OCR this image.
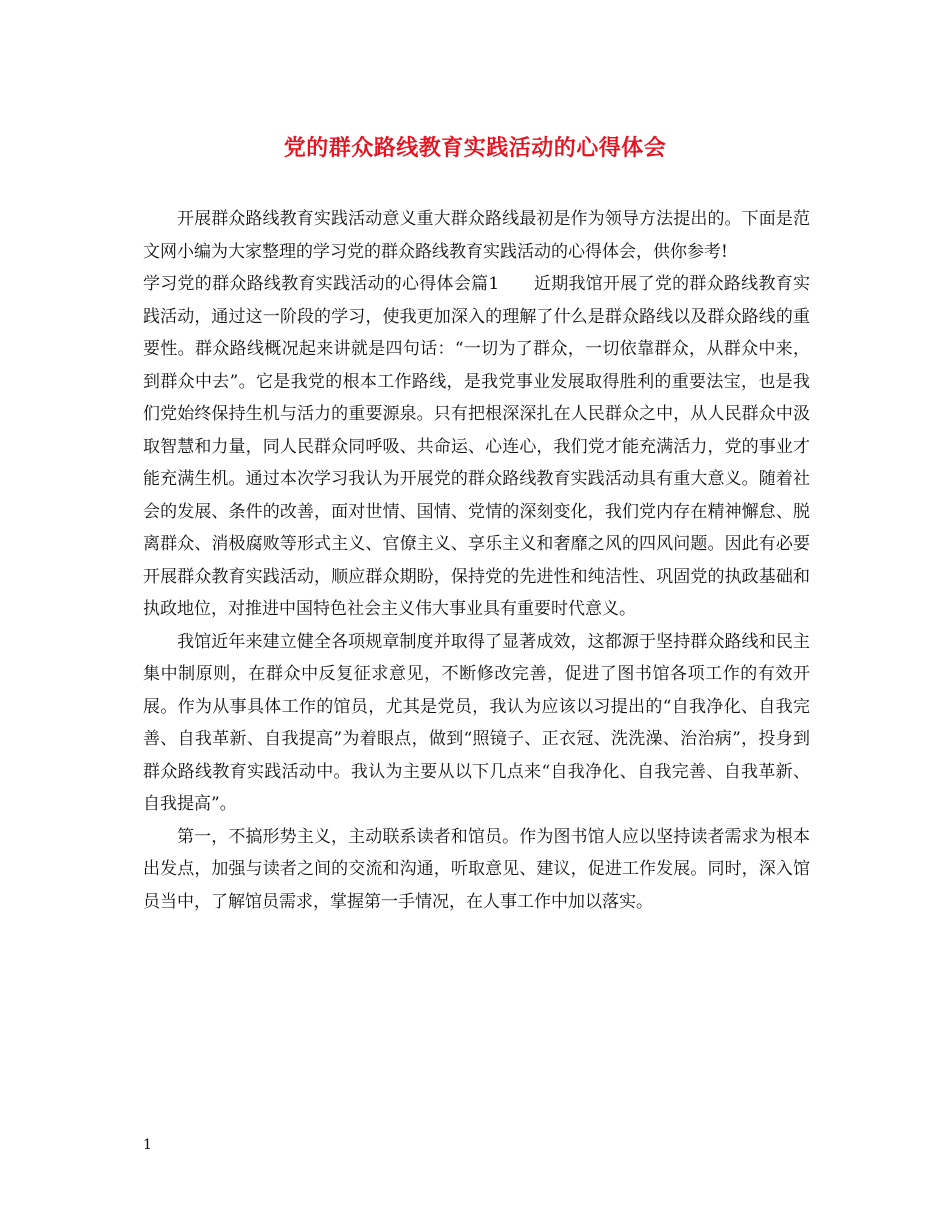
党的群众路线教育实践活动的心得体会

开展群众路线教育实践活动意义重大群众路线最初是作为领导方法提出的。下面是范文网小编为大家整理的学习党的群众路线教育实践活动的心得体会，供你参考!

学习党的群众路线教育实践活动的心得体会篇1　　近期我馆开展了党的群众路线教育实践活动，通过这一阶段的学习，使我更加深入的理解了什么是群众路线以及群众路线的重要性。群众路线概况起来讲就是四句话：“一切为了群众，一切依靠群众，从群众中来，到群众中去”。它是我党的根本工作路线，是我党事业发展取得胜利的重要法宝，也是我们党始终保持生机与活力的重要源泉。只有把根深深扎在人民群众之中，从人民群众中汲取智慧和力量，同人民群众同呼吸、共命运、心连心，我们党才能充满活力，党的事业才能充满生机。通过本次学习我认为开展党的群众路线教育实践活动具有重大意义。随着社会的发展、条件的改善，面对世情、国情、党情的深刻变化，我们党内存在精神懈怠、脱离群众、消极腐败等形式主义、官僚主义、享乐主义和奢靡之风的四风问题。因此有必要开展群众教育实践活动，顺应群众期盼，保持党的先进性和纯洁性、巩固党的执政基础和执政地位，对推进中国特色社会主义伟大事业具有重要时代意义。

我馆近年来建立健全各项规章制度并取得了显著成效，这都源于坚持群众路线和民主集中制原则，在群众中反复征求意见，不断修改完善，促进了图书馆各项工作的有效开展。作为从事具体工作的馆员，尤其是党员，我认为应该以习提出的“自我净化、自我完善、自我革新、自我提高”为着眼点，做到“照镜子、正衣冠、洗洗澡、治治病”，投身到群众路线教育实践活动中。我认为主要从以下几点来“自我净化、自我完善、自我革新、自我提高”。

第一，不搞形势主义，主动联系读者和馆员。作为图书馆人应以坚持读者需求为根本出发点，加强与读者之间的交流和沟通，听取意见、建议，促进工作发展。同时，深入馆员当中，了解馆员需求，掌握第一手情况，在人事工作中加以落实。

1
